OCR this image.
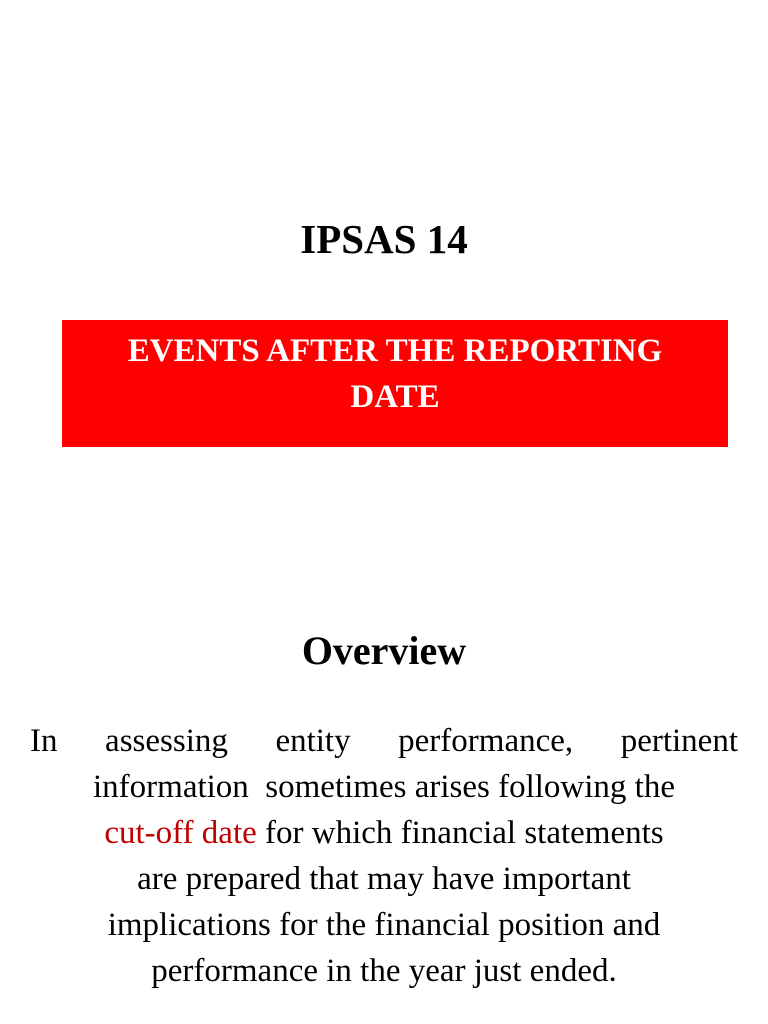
IPSAS 14
EVENTS AFTER THE REPORTING
DATE
Overview
In assessing entity performance, pertinent
information  sometimes arises following the
cut-off date for which financial statements
are prepared that may have important
implications for the financial position and
performance in the year just ended.
